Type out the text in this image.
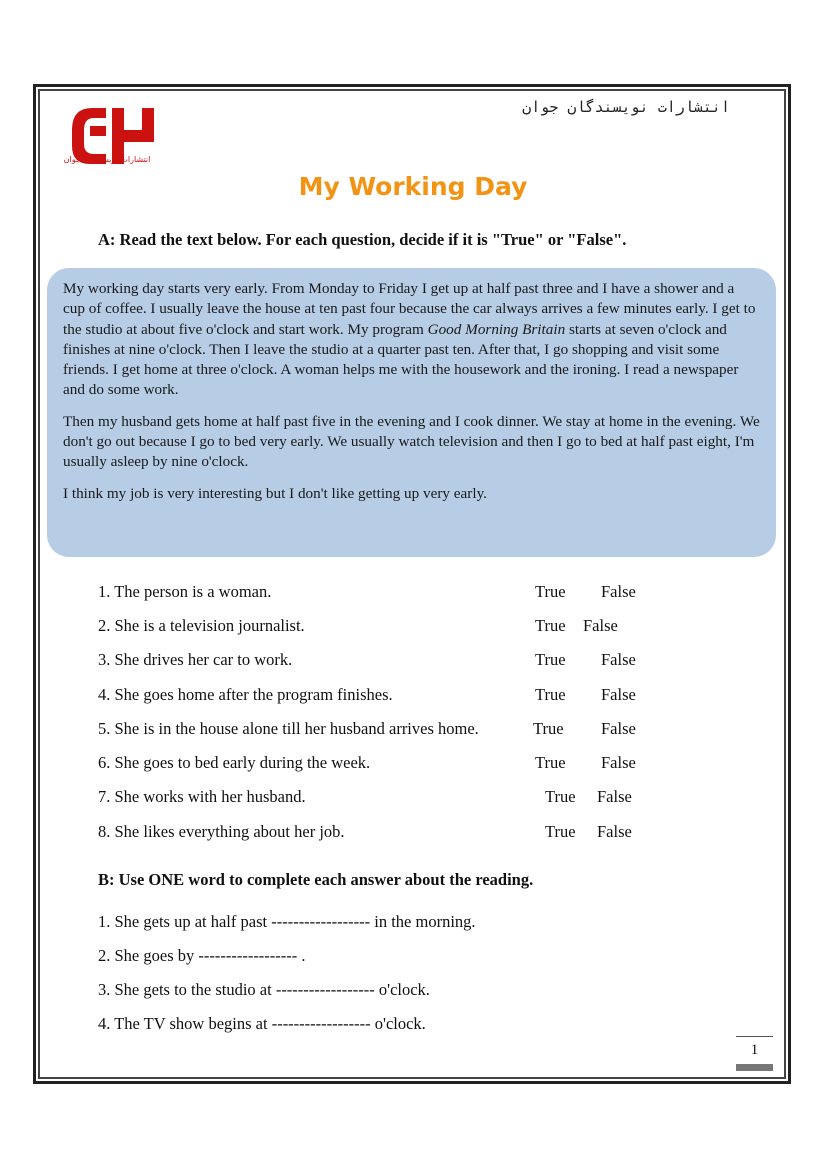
انتشارات نویسندگان جوان
انتشارات نویسندگان جوان
My Working Day
A: Read the text below. For each question, decide if it is "True" or "False".

My working day starts very early. From Monday to Friday I get up at half past three and I have a shower and a cup of coffee. I usually leave the house at ten past four because the car always arrives a few minutes early. I get to the studio at about five o'clock and start work. My program Good Morning Britain starts at seven o'clock and finishes at nine o'clock. Then I leave the studio at a quarter past ten. After that, I go shopping and visit some friends. I get home at three o'clock. A woman helps me with the housework and the ironing. I read a newspaper and do some work.

Then my husband gets home at half past five in the evening and I cook dinner. We stay at home in the evening. We don't go out because I go to bed very early. We usually watch television and then I go to bed at half past eight, I'm usually asleep by nine o'clock.

I think my job is very interesting but I don't like getting up very early.

1. The person is a woman.	True False
2. She is a television journalist.	True False
3. She drives her car to work.	True False
4. She goes home after the program finishes.	True False
5. She is in the house alone till her husband arrives home.	True False
6. She goes to bed early during the week.	True False
7. She works with her husband.	True False
8. She likes everything about her job.	True False
B: Use ONE word to complete each answer about the reading.
1. She gets up at half past ------------------ in the morning.
2. She goes by ------------------ .
3. She gets to the studio at ------------------ o'clock.
4. The TV show begins at ------------------ o'clock.
1
